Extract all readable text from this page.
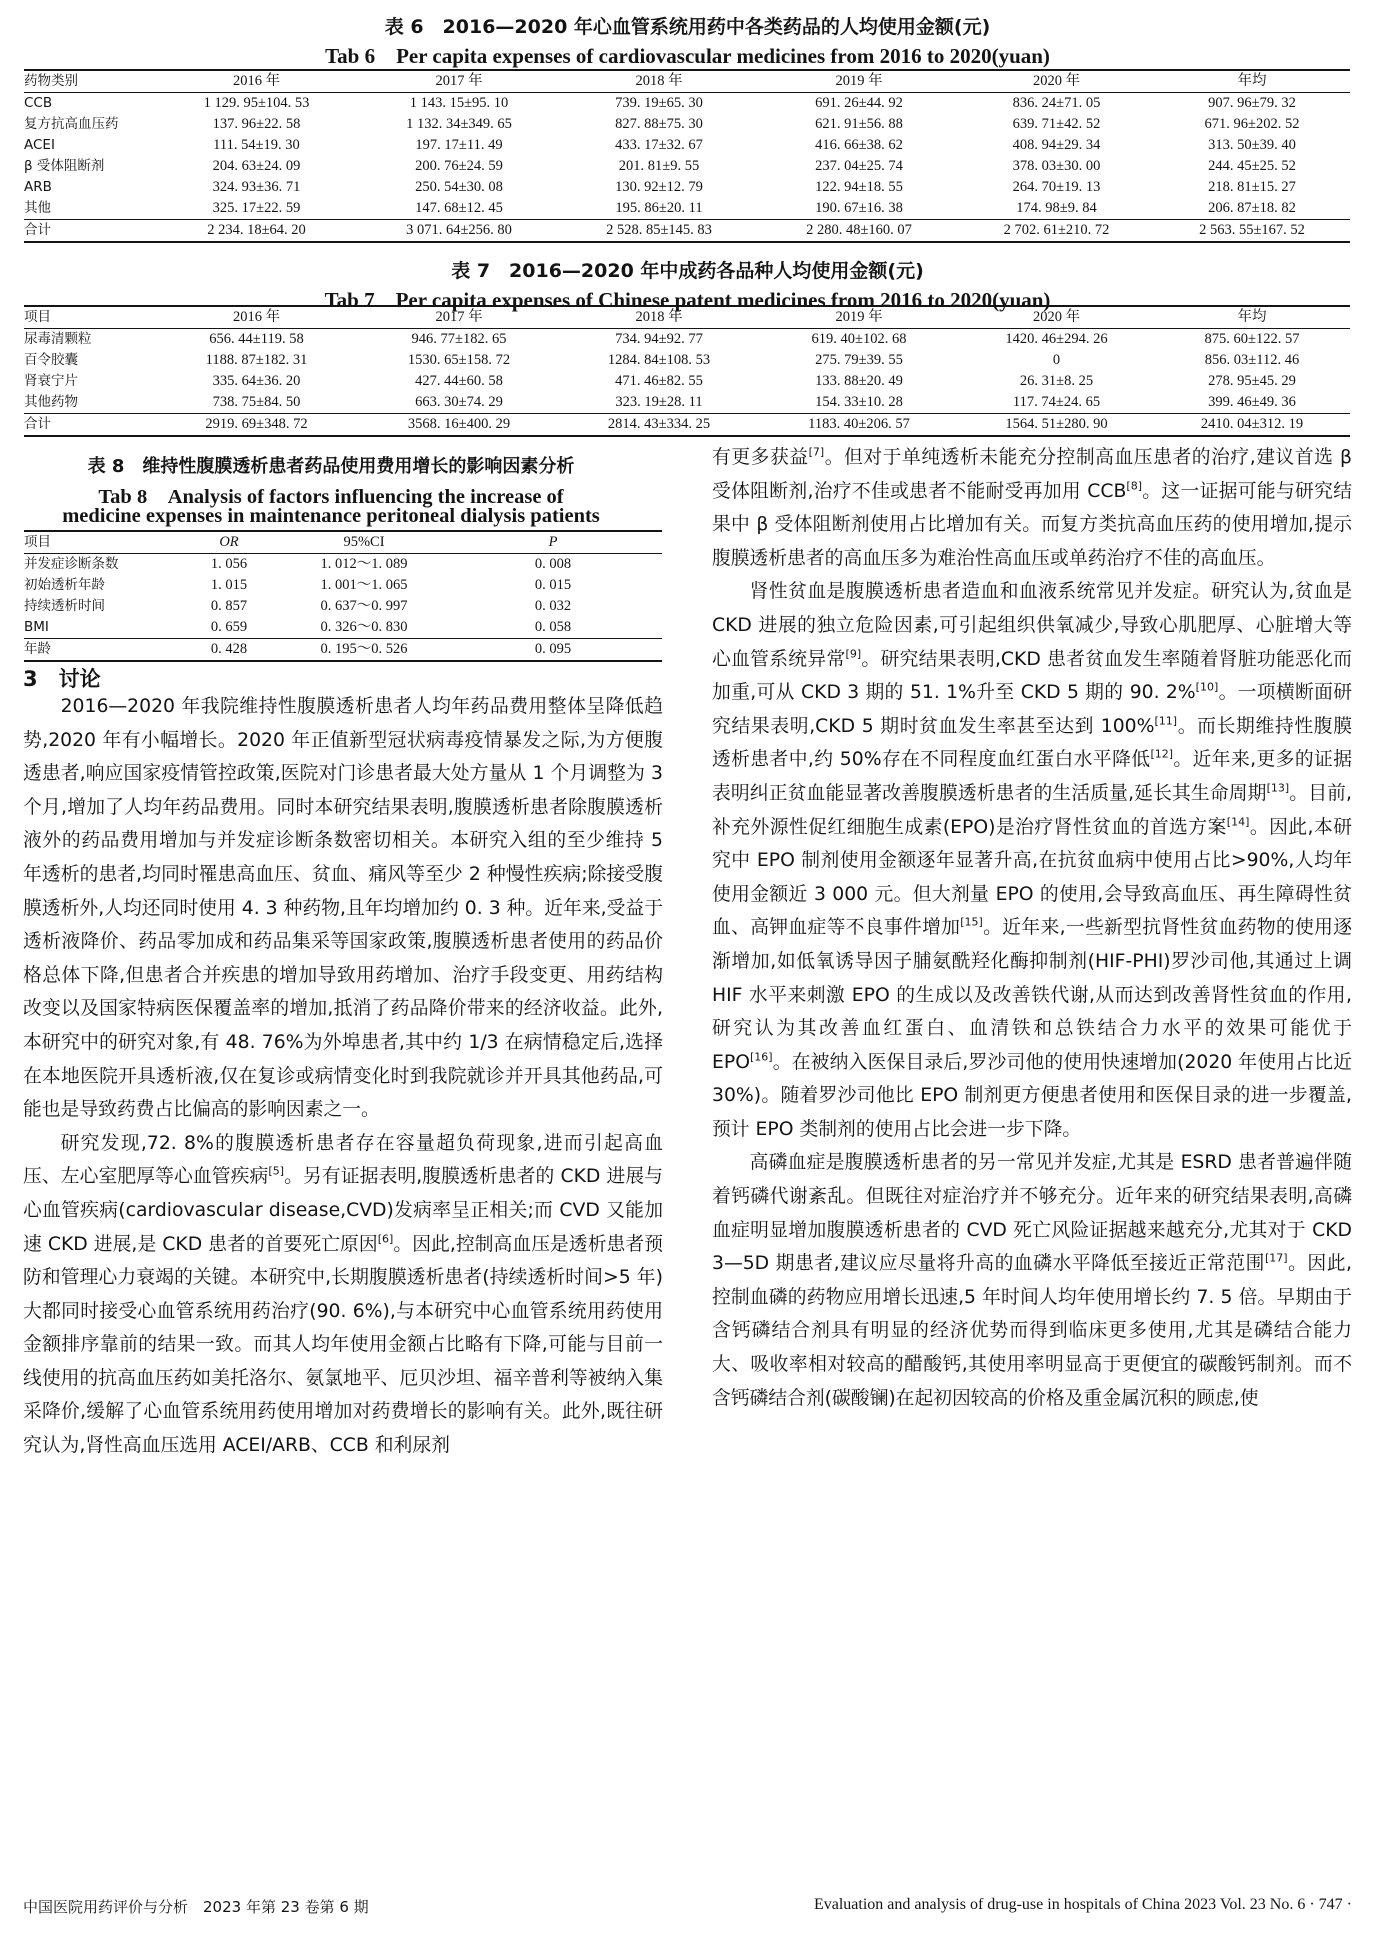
表 6　2016—2020 年心血管系统用药中各类药品的人均使用金额(元)
Tab 6　Per capita expenses of cardiovascular medicines from 2016 to 2020(yuan)
药物类别	2016 年	2017 年	2018 年	2019 年	2020 年	年均
CCB	1 129. 95±104. 53	1 143. 15±95. 10	739. 19±65. 30	691. 26±44. 92	836. 24±71. 05	907. 96±79. 32
复方抗高血压药	137. 96±22. 58	1 132. 34±349. 65	827. 88±75. 30	621. 91±56. 88	639. 71±42. 52	671. 96±202. 52
ACEI	111. 54±19. 30	197. 17±11. 49	433. 17±32. 67	416. 66±38. 62	408. 94±29. 34	313. 50±39. 40
β 受体阻断剂	204. 63±24. 09	200. 76±24. 59	201. 81±9. 55	237. 04±25. 74	378. 03±30. 00	244. 45±25. 52
ARB	324. 93±36. 71	250. 54±30. 08	130. 92±12. 79	122. 94±18. 55	264. 70±19. 13	218. 81±15. 27
其他	325. 17±22. 59	147. 68±12. 45	195. 86±20. 11	190. 67±16. 38	174. 98±9. 84	206. 87±18. 82
合计	2 234. 18±64. 20	3 071. 64±256. 80	2 528. 85±145. 83	2 280. 48±160. 07	2 702. 61±210. 72	2 563. 55±167. 52
表 7　2016—2020 年中成药各品种人均使用金额(元)
Tab 7　Per capita expenses of Chinese patent medicines from 2016 to 2020(yuan)
项目	2016 年	2017 年	2018 年	2019 年	2020 年	年均
尿毒清颗粒	656. 44±119. 58	946. 77±182. 65	734. 94±92. 77	619. 40±102. 68	1420. 46±294. 26	875. 60±122. 57
百令胶囊	1188. 87±182. 31	1530. 65±158. 72	1284. 84±108. 53	275. 79±39. 55	0	856. 03±112. 46
肾衰宁片	335. 64±36. 20	427. 44±60. 58	471. 46±82. 55	133. 88±20. 49	26. 31±8. 25	278. 95±45. 29
其他药物	738. 75±84. 50	663. 30±74. 29	323. 19±28. 11	154. 33±10. 28	117. 74±24. 65	399. 46±49. 36
合计	2919. 69±348. 72	3568. 16±400. 29	2814. 43±334. 25	1183. 40±206. 57	1564. 51±280. 90	2410. 04±312. 19
表 8　维持性腹膜透析患者药品使用费用增长的影响因素分析
Tab 8　Analysis of factors influencing the increase of
medicine expenses in maintenance peritoneal dialysis patients
项目	OR	95%CI	P
并发症诊断条数	1. 056	1. 012～1. 089	0. 008
初始透析年龄	1. 015	1. 001～1. 065	0. 015
持续透析时间	0. 857	0. 637～0. 997	0. 032
BMI	0. 659	0. 326～0. 830	0. 058
年龄	0. 428	0. 195～0. 526	0. 095
3　讨论

2016—2020 年我院维持性腹膜透析患者人均年药品费用整体呈降低趋势,2020 年有小幅增长。2020 年正值新型冠状病毒疫情暴发之际,为方便腹透患者,响应国家疫情管控政策,医院对门诊患者最大处方量从 1 个月调整为 3 个月,增加了人均年药品费用。同时本研究结果表明,腹膜透析患者除腹膜透析液外的药品费用增加与并发症诊断条数密切相关。本研究入组的至少维持 5 年透析的患者,均同时罹患高血压、贫血、痛风等至少 2 种慢性疾病;除接受腹膜透析外,人均还同时使用 4. 3 种药物,且年均增加约 0. 3 种。近年来,受益于透析液降价、药品零加成和药品集采等国家政策,腹膜透析患者使用的药品价格总体下降,但患者合并疾患的增加导致用药增加、治疗手段变更、用药结构改变以及国家特病医保覆盖率的增加,抵消了药品降价带来的经济收益。此外,本研究中的研究对象,有 48. 76%为外埠患者,其中约 1/3 在病情稳定后,选择在本地医院开具透析液,仅在复诊或病情变化时到我院就诊并开具其他药品,可能也是导致药费占比偏高的影响因素之一。

研究发现,72. 8%的腹膜透析患者存在容量超负荷现象,进而引起高血压、左心室肥厚等心血管疾病[5]。另有证据表明,腹膜透析患者的 CKD 进展与心血管疾病(cardiovascular disease,CVD)发病率呈正相关;而 CVD 又能加速 CKD 进展,是 CKD 患者的首要死亡原因[6]。因此,控制高血压是透析患者预防和管理心力衰竭的关键。本研究中,长期腹膜透析患者(持续透析时间>5 年)大都同时接受心血管系统用药治疗(90. 6%),与本研究中心血管系统用药使用金额排序靠前的结果一致。而其人均年使用金额占比略有下降,可能与目前一线使用的抗高血压药如美托洛尔、氨氯地平、厄贝沙坦、福辛普利等被纳入集采降价,缓解了心血管系统用药使用增加对药费增长的影响有关。此外,既往研究认为,肾性高血压选用 ACEI/ARB、CCB 和利尿剂

有更多获益[7]。但对于单纯透析未能充分控制高血压患者的治疗,建议首选 β 受体阻断剂,治疗不佳或患者不能耐受再加用 CCB[8]。这一证据可能与研究结果中 β 受体阻断剂使用占比增加有关。而复方类抗高血压药的使用增加,提示腹膜透析患者的高血压多为难治性高血压或单药治疗不佳的高血压。

肾性贫血是腹膜透析患者造血和血液系统常见并发症。研究认为,贫血是 CKD 进展的独立危险因素,可引起组织供氧减少,导致心肌肥厚、心脏增大等心血管系统异常[9]。研究结果表明,CKD 患者贫血发生率随着肾脏功能恶化而加重,可从 CKD 3 期的 51. 1%升至 CKD 5 期的 90. 2%[10]。一项横断面研究结果表明,CKD 5 期时贫血发生率甚至达到 100%[11]。而长期维持性腹膜透析患者中,约 50%存在不同程度血红蛋白水平降低[12]。近年来,更多的证据表明纠正贫血能显著改善腹膜透析患者的生活质量,延长其生命周期[13]。目前,补充外源性促红细胞生成素(EPO)是治疗肾性贫血的首选方案[14]。因此,本研究中 EPO 制剂使用金额逐年显著升高,在抗贫血病中使用占比>90%,人均年使用金额近 3 000 元。但大剂量 EPO 的使用,会导致高血压、再生障碍性贫血、高钾血症等不良事件增加[15]。近年来,一些新型抗肾性贫血药物的使用逐渐增加,如低氧诱导因子脯氨酰羟化酶抑制剂(HIF-PHI)罗沙司他,其通过上调 HIF 水平来刺激 EPO 的生成以及改善铁代谢,从而达到改善肾性贫血的作用,研究认为其改善血红蛋白、血清铁和总铁结合力水平的效果可能优于 EPO[16]。在被纳入医保目录后,罗沙司他的使用快速增加(2020 年使用占比近 30%)。随着罗沙司他比 EPO 制剂更方便患者使用和医保目录的进一步覆盖,预计 EPO 类制剂的使用占比会进一步下降。

高磷血症是腹膜透析患者的另一常见并发症,尤其是 ESRD 患者普遍伴随着钙磷代谢紊乱。但既往对症治疗并不够充分。近年来的研究结果表明,高磷血症明显增加腹膜透析患者的 CVD 死亡风险证据越来越充分,尤其对于 CKD 3—5D 期患者,建议应尽量将升高的血磷水平降低至接近正常范围[17]。因此,控制血磷的药物应用增长迅速,5 年时间人均年使用增长约 7. 5 倍。早期由于含钙磷结合剂具有明显的经济优势而得到临床更多使用,尤其是磷结合能力大、吸收率相对较高的醋酸钙,其使用率明显高于更便宜的碳酸钙制剂。而不含钙磷结合剂(碳酸镧)在起初因较高的价格及重金属沉积的顾虑,使

中国医院用药评价与分析　2023 年第 23 卷第 6 期	Evaluation and analysis of drug-use in hospitals of China 2023 Vol. 23 No. 6 · 747 ·
